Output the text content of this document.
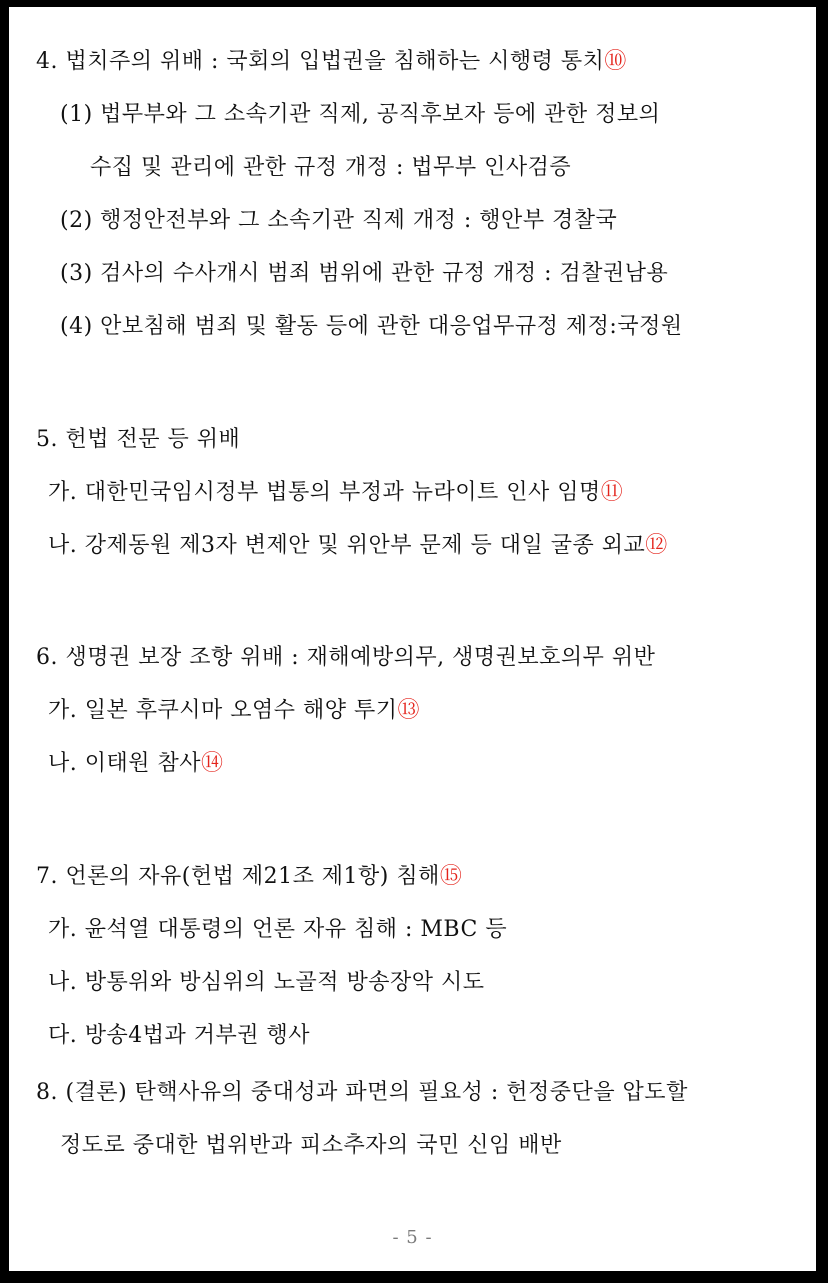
4. 법치주의 위배 : 국회의 입법권을 침해하는 시행령 통치⑩
(1) 법무부와 그 소속기관 직제, 공직후보자 등에 관한 정보의
수집 및 관리에 관한 규정 개정 : 법무부 인사검증
(2) 행정안전부와 그 소속기관 직제 개정 : 행안부 경찰국
(3) 검사의 수사개시 범죄 범위에 관한 규정 개정 : 검찰권남용
(4) 안보침해 범죄 및 활동 등에 관한 대응업무규정 제정:국정원
5. 헌법 전문 등 위배
가. 대한민국임시정부 법통의 부정과 뉴라이트 인사 임명⑪
나. 강제동원 제3자 변제안 및 위안부 문제 등 대일 굴종 외교⑫
6. 생명권 보장 조항 위배 : 재해예방의무, 생명권보호의무 위반
가. 일본 후쿠시마 오염수 해양 투기⑬
나. 이태원 참사⑭
7. 언론의 자유(헌법 제21조 제1항) 침해⑮
가. 윤석열 대통령의 언론 자유 침해 : MBC 등
나. 방통위와 방심위의 노골적 방송장악 시도
다. 방송4법과 거부권 행사
8. (결론) 탄핵사유의 중대성과 파면의 필요성 : 헌정중단을 압도할
정도로 중대한 법위반과 피소추자의 국민 신임 배반
- 5 -
